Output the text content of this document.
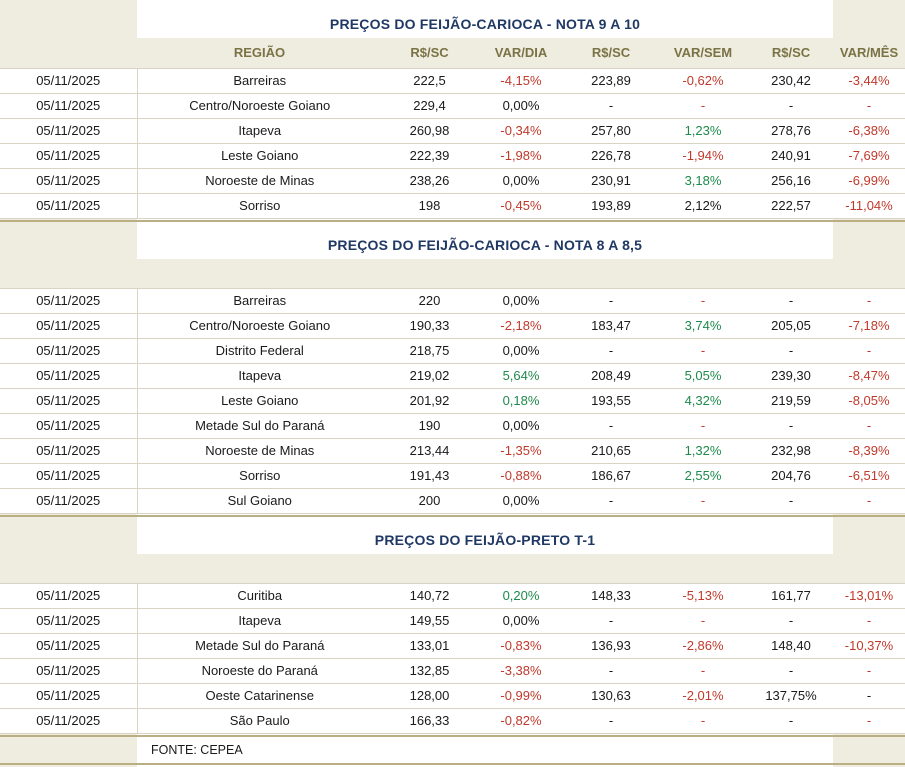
	PREÇOS DO FEIJÃO-CARIOCA - NOTA 9 A 10						
	REGIÃO	R$/SC	VAR/DIA	R$/SC	VAR/SEM	R$/SC	VAR/MÊS
05/11/2025	Barreiras	222,5	-4,15%	223,89	-0,62%	230,42	-3,44%
05/11/2025	Centro/Noroeste Goiano	229,4	0,00%	-	-	-	-
05/11/2025	Itapeva	260,98	-0,34%	257,80	1,23%	278,76	-6,38%
05/11/2025	Leste Goiano	222,39	-1,98%	226,78	-1,94%	240,91	-7,69%
05/11/2025	Noroeste de Minas	238,26	0,00%	230,91	3,18%	256,16	-6,99%
05/11/2025	Sorriso	198	-0,45%	193,89	2,12%	222,57	-11,04%

	PREÇOS DO FEIJÃO-CARIOCA - NOTA 8 A 8,5						

05/11/2025	Barreiras	220	0,00%	-	-	-	-
05/11/2025	Centro/Noroeste Goiano	190,33	-2,18%	183,47	3,74%	205,05	-7,18%
05/11/2025	Distrito Federal	218,75	0,00%	-	-	-	-
05/11/2025	Itapeva	219,02	5,64%	208,49	5,05%	239,30	-8,47%
05/11/2025	Leste Goiano	201,92	0,18%	193,55	4,32%	219,59	-8,05%
05/11/2025	Metade Sul do Paraná	190	0,00%	-	-	-	-
05/11/2025	Noroeste de Minas	213,44	-1,35%	210,65	1,32%	232,98	-8,39%
05/11/2025	Sorriso	191,43	-0,88%	186,67	2,55%	204,76	-6,51%
05/11/2025	Sul Goiano	200	0,00%	-	-	-	-

	PREÇOS DO FEIJÃO-PRETO T-1						

05/11/2025	Curitiba	140,72	0,20%	148,33	-5,13%	161,77	-13,01%
05/11/2025	Itapeva	149,55	0,00%	-	-	-	-
05/11/2025	Metade Sul do Paraná	133,01	-0,83%	136,93	-2,86%	148,40	-10,37%
05/11/2025	Noroeste do Paraná	132,85	-3,38%	-	-	-	-
05/11/2025	Oeste Catarinense	128,00	-0,99%	130,63	-2,01%	137,75%	-
05/11/2025	São Paulo	166,33	-0,82%	-	-	-	-

	FONTE: CEPEA						
